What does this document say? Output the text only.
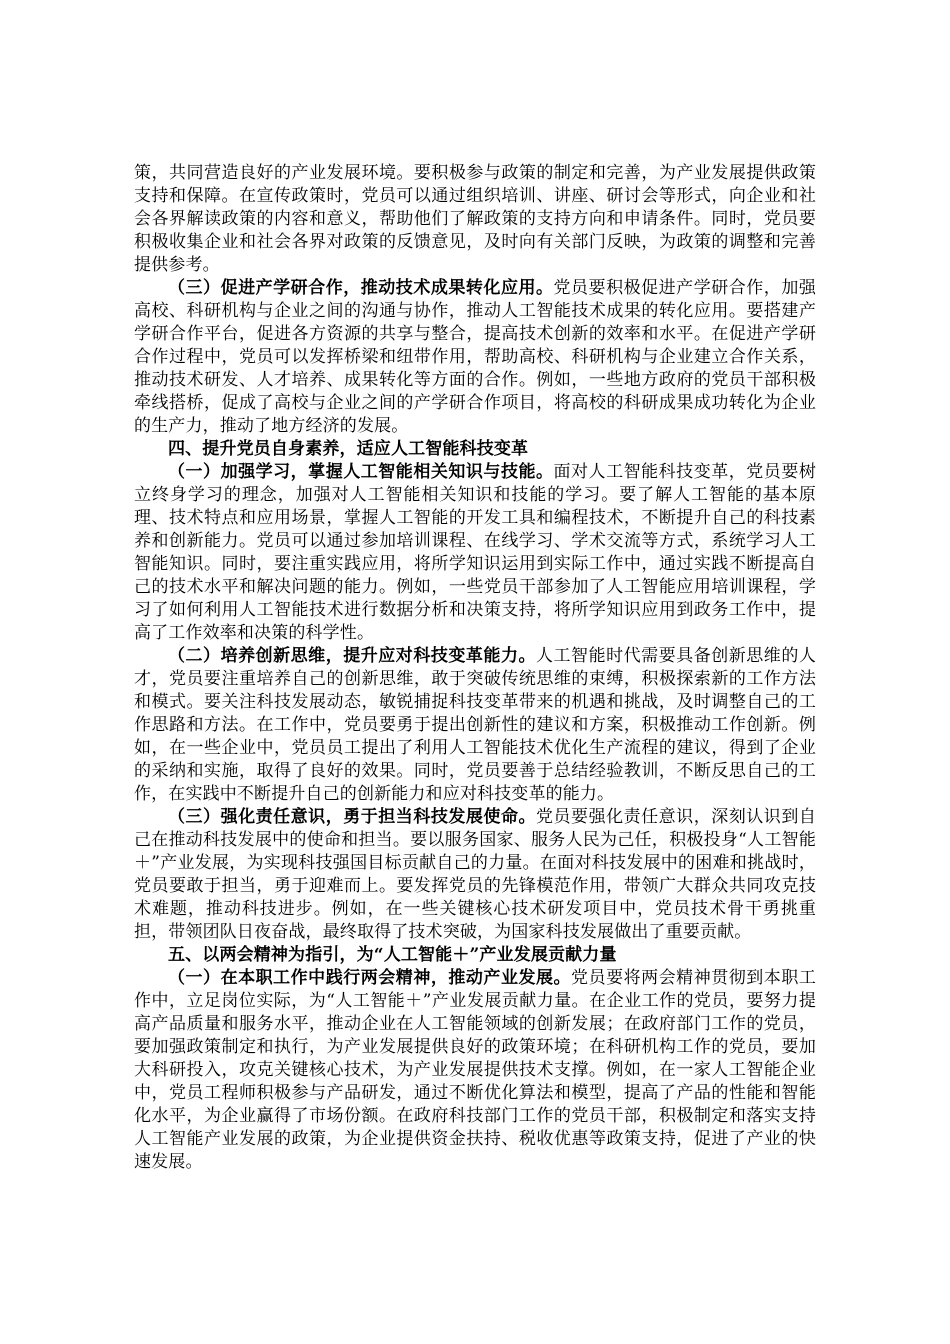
策，共同营造良好的产业发展环境。要积极参与政策的制定和完善，为产业发展提供政策支持和保障。在宣传政策时，党员可以通过组织培训、讲座、研讨会等形式，向企业和社会各界解读政策的内容和意义，帮助他们了解政策的支持方向和申请条件。同时，党员要积极收集企业和社会各界对政策的反馈意见，及时向有关部门反映，为政策的调整和完善提供参考。

（三）促进产学研合作，推动技术成果转化应用。党员要积极促进产学研合作，加强高校、科研机构与企业之间的沟通与协作，推动人工智能技术成果的转化应用。要搭建产学研合作平台，促进各方资源的共享与整合，提高技术创新的效率和水平。在促进产学研合作过程中，党员可以发挥桥梁和纽带作用，帮助高校、科研机构与企业建立合作关系，推动技术研发、人才培养、成果转化等方面的合作。例如，一些地方政府的党员干部积极牵线搭桥，促成了高校与企业之间的产学研合作项目，将高校的科研成果成功转化为企业的生产力，推动了地方经济的发展。

四、提升党员自身素养，适应人工智能科技变革

（一）加强学习，掌握人工智能相关知识与技能。面对人工智能科技变革，党员要树立终身学习的理念，加强对人工智能相关知识和技能的学习。要了解人工智能的基本原理、技术特点和应用场景，掌握人工智能的开发工具和编程技术，不断提升自己的科技素养和创新能力。党员可以通过参加培训课程、在线学习、学术交流等方式，系统学习人工智能知识。同时，要注重实践应用，将所学知识运用到实际工作中，通过实践不断提高自己的技术水平和解决问题的能力。例如，一些党员干部参加了人工智能应用培训课程，学习了如何利用人工智能技术进行数据分析和决策支持，将所学知识应用到政务工作中，提高了工作效率和决策的科学性。

（二）培养创新思维，提升应对科技变革能力。人工智能时代需要具备创新思维的人才，党员要注重培养自己的创新思维，敢于突破传统思维的束缚，积极探索新的工作方法和模式。要关注科技发展动态，敏锐捕捉科技变革带来的机遇和挑战，及时调整自己的工作思路和方法。在工作中，党员要勇于提出创新性的建议和方案，积极推动工作创新。例如，在一些企业中，党员员工提出了利用人工智能技术优化生产流程的建议，得到了企业的采纳和实施，取得了良好的效果。同时，党员要善于总结经验教训，不断反思自己的工作，在实践中不断提升自己的创新能力和应对科技变革的能力。

（三）强化责任意识，勇于担当科技发展使命。党员要强化责任意识，深刻认识到自己在推动科技发展中的使命和担当。要以服务国家、服务人民为己任，积极投身“人工智能＋”产业发展，为实现科技强国目标贡献自己的力量。在面对科技发展中的困难和挑战时，党员要敢于担当，勇于迎难而上。要发挥党员的先锋模范作用，带领广大群众共同攻克技术难题，推动科技进步。例如，在一些关键核心技术研发项目中，党员技术骨干勇挑重担，带领团队日夜奋战，最终取得了技术突破，为国家科技发展做出了重要贡献。

五、以两会精神为指引，为“人工智能＋”产业发展贡献力量

（一）在本职工作中践行两会精神，推动产业发展。党员要将两会精神贯彻到本职工作中，立足岗位实际，为“人工智能＋”产业发展贡献力量。在企业工作的党员，要努力提高产品质量和服务水平，推动企业在人工智能领域的创新发展；在政府部门工作的党员，要加强政策制定和执行，为产业发展提供良好的政策环境；在科研机构工作的党员，要加大科研投入，攻克关键核心技术，为产业发展提供技术支撑。例如，在一家人工智能企业中，党员工程师积极参与产品研发，通过不断优化算法和模型，提高了产品的性能和智能化水平，为企业赢得了市场份额。在政府科技部门工作的党员干部，积极制定和落实支持人工智能产业发展的政策，为企业提供资金扶持、税收优惠等政策支持，促进了产业的快速发展。
